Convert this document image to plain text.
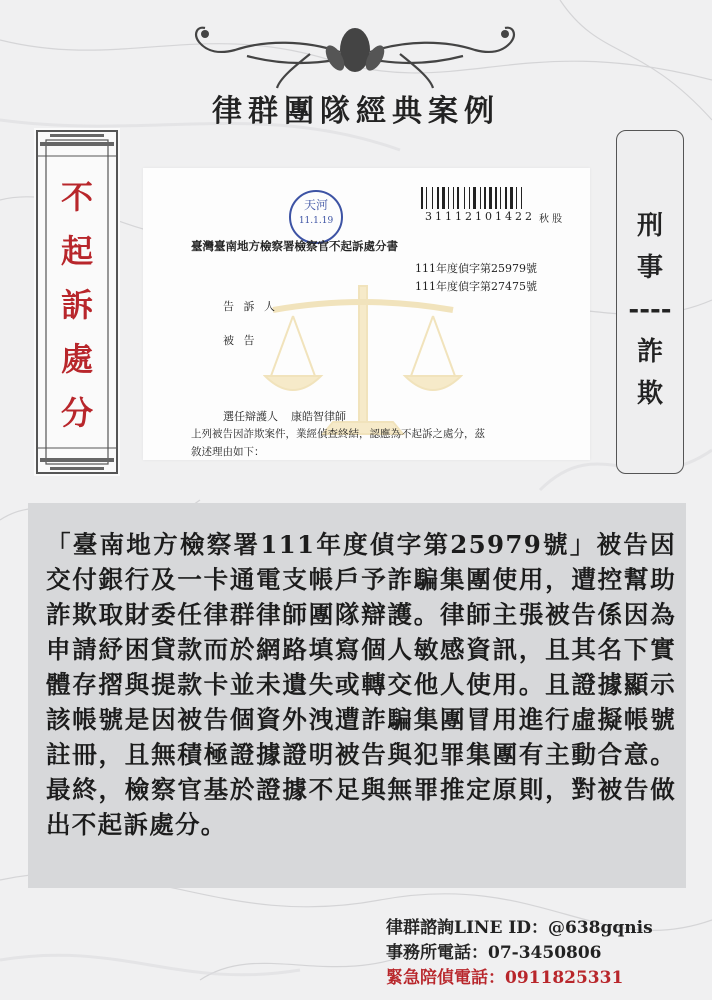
律群團隊經典案例
不起訴處分
刑
事
----
詐
欺
31112101422 秋 股
天河
11.1.19
臺灣臺南地方檢察署檢察官不起訴處分書
111年度偵字第25979號
111年度偵字第27475號
告 訴 人
被 告
選任辯護人 康皓智律師
上列被告因詐欺案件，業經偵查終結，認應為不起訴之處分，茲
敘述理由如下：
「臺南地方檢察署111年度偵字第25979號」被告因交付銀行及一卡通電支帳戶予詐騙集團使用，遭控幫助詐欺取財委任律群律師團隊辯護。律師主張被告係因為申請紓困貸款而於網路填寫個人敏感資訊，且其名下實體存摺與提款卡並未遺失或轉交他人使用。且證據顯示該帳號是因被告個資外洩遭詐騙集團冒用進行虛擬帳號註冊，且無積極證據證明被告與犯罪集團有主動合意。最終，檢察官基於證據不足與無罪推定原則，對被告做出不起訴處分。
律群諮詢LINE ID：@638gqnis
事務所電話：07-3450806
緊急陪偵電話：0911825331
